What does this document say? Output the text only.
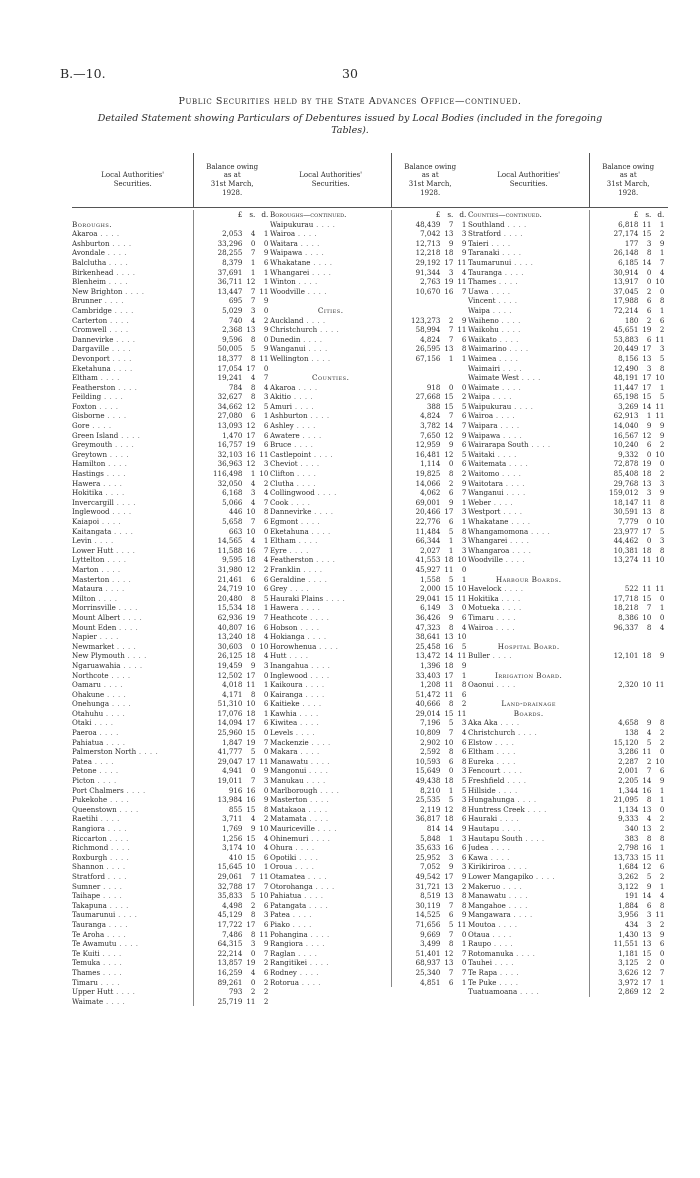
B.—10.	30
Public Securities held by the State Advances Office—continued.
Detailed Statement showing Particulars of Debentures issued by Local Bodies (included in the foregoing Tables).
Local Authorities'
Securities.
Balance owing
as at
31st March,
1928.
Local Authorities'
Securities.
Balance owing
as at
31st March,
1928.
Local Authorities'
Securities.
Balance owing
as at
31st March,
1928.
£ s. d.
Boroughs.
Akaroa . .	2,053	4	1
Ashburton . .	33,296	0	0
Avondale . .	28,255	7	9
Balclutha . .	8,379	1	6
Birkenhead . .	37,691	1	1
Blenheim . .	36,711 12	1
New Brighton . .	13,447	7 11
Brunner . .	695	7	9
Cambridge . .	5,029	3	0
Carterton . .	740	4	2
Cromwell . .	2,368 13	9
Dannevirke . .	9,596	8	0
Dargaville . .	50,005	5	9
Devonport . .	18,377	8 11
Eketahuna . .	17,054 17	0
Eltham . .	19,241	4	7
Featherston . .	784	8	4
Feilding . .	32,627	8	3
Foxton . .	34,662 12	5
Gisborne . .	27,080	6	1
Gore . .	13,093 12	6
Green Island . .	1,470 17	6
Greymouth . .	16,757 19	6
Greytown . .	32,103 16 11
Hamilton . .	36,963 12	3
Hastings . .	116,498	1 10
Hawera . .	32,050	4	2
Hokitika . .	6,168	3	4
Invercargill . .	5,066	4	7
Inglewood . .	446 10	8
Kaiapoi . .	5,658	7	6
Kaitangata . .	663 10	0
Levin . .	14,565	4	1
Lower Hutt . .	11,588 16	7
Lyttelton . .	9,595 18	4
Marton . .	31,980 12	2
Masterton . .	21,461	6	6
Mataura . .	24,719 10	6
Milton . .	20,480	8	5
Morrinsville . .	15,534 18	1
Mount Albert . .	62,936 19	7
Mount Eden . .	40,807 16	6
Napier . .	13,240 18	4
Newmarket . .	30,603	0 10
New Plymouth . .	26,125 18	4
Ngaruawahia . .	19,459	9	3
Northcote . .	12,502 17	0
Oamaru . .	4,018 11	1
Ohakune . .	4,171	8	0
Onehunga . .	51,310 10	6
Otahuhu . .	17,076 18	1
Otaki . .	14,094 17	6
Paeroa . .	25,960 15	0
Pahiatua . .	1,847 19	7
Palmerston North . .	41,777	5	0
Patea . .	29,047 17 11
Petone . .	4,941	0	9
Picton . .	19,011	7	3
Port Chalmers . .	916 16	0
Pukekohe . .	13,984 16	9
Queenstown . .	855 15	8
Raetihi . .	3,711	4	2
Rangiora . .	1,769	9 10
Riccarton . .	1,256 15	4
Richmond . .	3,174 10	4
Roxburgh . .	410 15	6
Shannon . .	15,645 10	1
Stratford . .	29,061	7 11
Sumner . .	32,788 17	7
Taihape . .	35,833	5 10
Takapuna . .	4,498	2	6
Taumarunui . .	45,129	8	3
Tauranga . .	17,722 17	6
Te Aroha . .	7,486	8 11
Te Awamutu . .	64,315	3	9
Te Kuiti . .	22,214	0	7
Temuka . .	13,857 19	2
Thames . .	16,259	4	6
Timaru . .	89,261	0	2
Upper Hutt . .	793	2	2
Waimate . .	25,719 11	2
Boroughs—continued.	£ s. d.
Waipukurau . .	48,439	7	1
Wairoa . .	7,042 13	3
Waitara . .	12,713	9	9
Waipawa . .	12,218 18	9
Whakatane . .	29,192 17 11
Whangarei . .	91,344	3	4
Winton . .	2,763 19 11
Woodville . .	10,670 16	7
Cities.
Auckland . .	123,273	2	9
Christchurch . .	58,994	7 11
Dunedin . .	4,824	7	6
Wanganui . .	26,595 13	8
Wellington . .	67,156	1	1
Counties.
Akaroa . .	918	0	0
Akitio . .	27,668 15	2
Amuri . .	388 15	5
Ashburton . .	4,824	7	6
Ashley . .	3,782 14	7
Awatere . .	7,650 12	9
Bruce . .	12,959	9	6
Castlepoint . .	16,481 12	5
Cheviot . .	1,114	0	6
Clifton . .	19,825	8	2
Clutha . .	14,066	2	9
Collingwood . .	4,062	6	7
Cook . .	69,001	9	1
Dannevirke . .	20,466 17	3
Egmont . .	22,776	6	1
Eketahuna . .	11,484	5	8
Eltham . .	66,344	1	3
Eyre . .	2,027	1	3
Featherston . .	41,553 18 10
Franklin . .	45,927 11	0
Geraldine . .	1,558	5	1
Grey . .	2,000 15 10
Hauraki Plains . .	29,041 15 11
Hawera . .	6,149	3	0
Heathcote . .	36,426	9	6
Hobson . .	47,323	8	4
Hokianga . .	38,641 13 10
Horowhenua . .	25,458 16	5
Hutt . .	13,472 14 11
Inangahua . .	1,396 18	9
Inglewood . .	33,403 17	1
Kaikoura . .	1,208 11	8
Kairanga . .	51,472 11	6
Kaitieke . .	40,666	8	2
Kawhia . .	29,014 15 11
Kiwitea . .	7,196	5	3
Levels . .	10,809	7	4
Mackenzie . .	2,902 10	6
Makara . .	2,592	8	6
Manawatu . .	10,593	6	8
Mangonui . .	15,649	0	3
Manukau . .	49,438 18	5
Marlborough . .	8,210	1	5
Masterton . .	25,535	5	3
Matakaoa . .	2,119 12	8
Matamata . .	36,817 18	6
Mauriceville . .	814 14	9
Ohinemuri . .	5,848	1	3
Ohura . .	35,633 16	6
Opotiki . .	25,952	3	6
Oroua . .	7,052	9	3
Otamatea . .	49,542 17	9
Otorohanga . .	31,721 13	2
Pahiatua . .	8,519 13	8
Patangata . .	30,119	7	8
Patea . .	14,525	6	9
Piako . .	71,656	5 11
Pohangina . .	9,669	7	0
Rangiora . .	3,499	8	1
Raglan . .	51,401 12	7
Rangitikei . .	68,937 13	0
Rodney . .	25,340	7	7
Rotorua . .	4,851	6	1
Counties—continued.	£ s. d.
Southland . .	6,818 11	1
Stratford . .	27,174 15	2
Taieri . .	177	3	9
Taranaki . .	26,148	8	1
Taumarunui . .	6,185 14	7
Tauranga . .	30,914	0	4
Thames . .	13,917	0 10
Uawa . .	37,045	2	0
Vincent . .	17,988	6	8
Waipa . .	72,214	6	1
Waiheno . .	180	2	6
Waikohu . .	45,651 19	2
Waikato . .	53,883	6 11
Waimarino . .	20,449 17	3
Waimea . .	8,156 13	5
Waimairi . .	12,490	3	8
Waimate West . .	48,191 17 10
Waimate . .	11,447 17	1
Waipa . .	65,198 15	5
Waipukurau . .	3,269 14 11
Wairoa . .	62,913	1 11
Waipara . .	14,040	9	9
Waipawa . .	16,567 12	9
Wairarapa South . .	10,240	6	2
Waitaki . .	9,332	0 10
Waitemata . .	72,878 19	0
Waitomo . .	85,408 18	2
Waitotara . .	29,768 13	3
Wanganui . .	159,012	3	9
Weber . .	18,147 11	8
Westport . .	30,591 13	8
Whakatane . .	7,779	0 10
Whangamomona . .	23,977 17	5
Whangarei . .	44,462	0	3
Whangaroa . .	10,381 18	8
Woodville . .	13,274 11 10
Harbour Boards.
Havelock . .	522 11 11
Hokitika . .	17,718 15	0
Motueka . .	18,218	7	1
Timaru . .	8,386 10	0
Wairoa . .	96,337	8	4
Hospital Board.
Buller . .	12,101 18	9
Irrigation Board.
Oaonui . .	2,320 10 11
Land-drainage
Boards.
Aka Aka . .	4,658	9	8
Christchurch . .	138	4	2
Elstow . .	15,120	5	2
Eltham . .	3,286 11	0
Eureka . .	2,287	2 10
Fencourt . .	2,001	7	6
Freshfield . .	2,205 14	9
Hillside . .	1,344 16	1
Hungahunga . .	21,095	8	1
Huntress Creek . .	1,134 13	0
Hauraki . .	9,333	4	2
Hautapu . .	340 13	2
Hautapu South . .	383	8	8
Judea . .	2,798 16	1
Kawa . .	13,733 15 11
Kirikiriroa . .	1,684 12	6
Lower Mangapiko . .	3,262	5	2
Makeruo . .	3,122	9	1
Manawatu . .	191 14	4
Mangahoe . .	1,884	6	8
Mangawara . .	3,956	3 11
Moutoa . .	434	3	2
Otaua . .	1,430 13	9
Raupo . .	11,551 13	6
Rotomanuka . .	1,181 15	0
Tauhei . .	3,125	2	0
Te Rapa . .	3,626 12	7
Te Puke . .	3,972 17	1
Tuatuamoana . .	2,869 12	2
